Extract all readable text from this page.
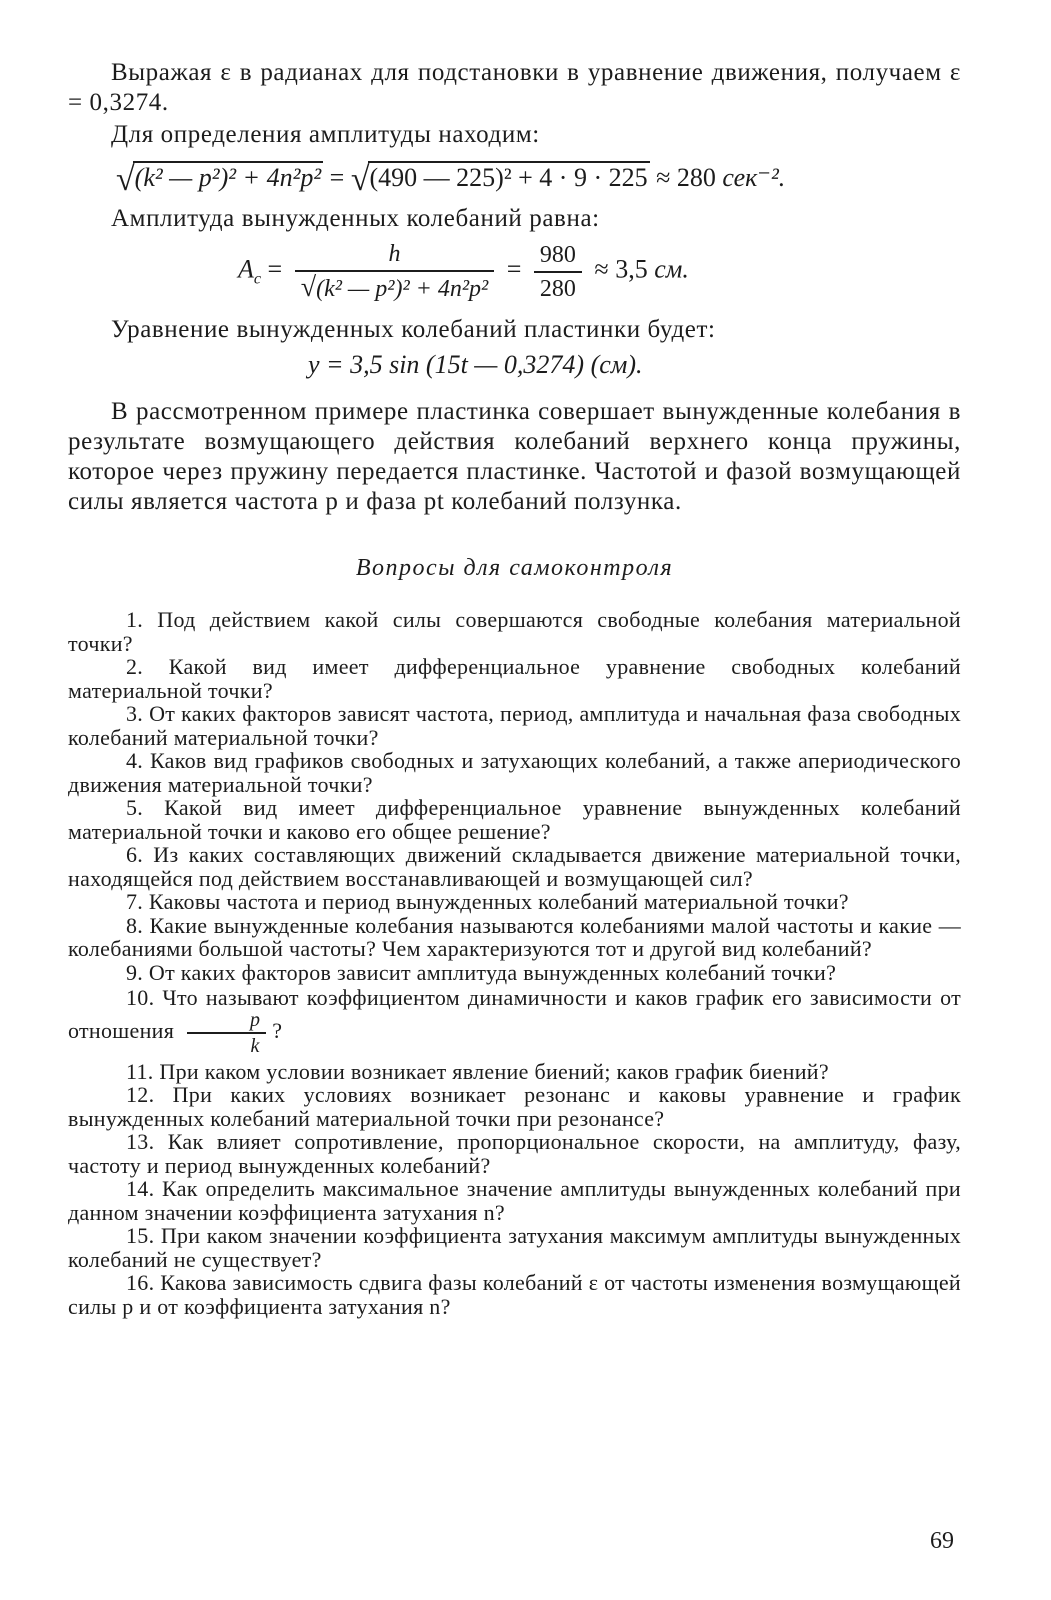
Выражая ε в радианах для подстановки в уравнение движения, получаем ε = 0,3274.

Для определения амплитуды находим:

√(k² — p²)² + 4n²p² = √(490 — 225)² + 4 · 9 · 225 ≈ 280 сек⁻².

Амплитуда вынужденных колебаний равна:

$A_c = \frac{h}{\text{√(k² — p²)² + 4n²p²}} = \frac{980}{280} \approx 3,5$ см.

Уравнение вынужденных колебаний пластинки будет:

y = 3,5 sin (15t — 0,3274) (см).

В рассмотренном примере пластинка совершает вынужденные колебания в результате возмущающего действия колебаний верхнего конца пружины, которое через пружину передается пластинке. Частотой и фазой возмущающей силы является частота p и фаза pt колебаний ползунка.

Вопросы для самоконтроля

1. Под действием какой силы совершаются свободные колебания материальной точки?

2. Какой вид имеет дифференциальное уравнение свободных колебаний материальной точки?

3. От каких факторов зависят частота, период, амплитуда и начальная фаза свободных колебаний материальной точки?

4. Каков вид графиков свободных и затухающих колебаний, а также апериодического движения материальной точки?

5. Какой вид имеет дифференциальное уравнение вынужденных колебаний материальной точки и каково его общее решение?

6. Из каких составляющих движений складывается движение материальной точки, находящейся под действием восстанавливающей и возмущающей сил?

7. Каковы частота и период вынужденных колебаний материальной точки?

8. Какие вынужденные колебания называются колебаниями малой частоты и какие — колебаниями большой частоты? Чем характеризуются тот и другой вид колебаний?

9. От каких факторов зависит амплитуда вынужденных колебаний точки?

10. Что называют коэффициентом динамичности и каков график его зависимости от отношения $\frac{p}{k}$ ?

11. При каком условии возникает явление биений; каков график биений?

12. При каких условиях возникает резонанс и каковы уравнение и график вынужденных колебаний материальной точки при резонансе?

13. Как влияет сопротивление, пропорциональное скорости, на амплитуду, фазу, частоту и период вынужденных колебаний?

14. Как определить максимальное значение амплитуды вынужденных колебаний при данном значении коэффициента затухания n?

15. При каком значении коэффициента затухания максимум амплитуды вынужденных колебаний не существует?

16. Какова зависимость сдвига фазы колебаний ε от частоты изменения возмущающей силы p и от коэффициента затухания n?

69
